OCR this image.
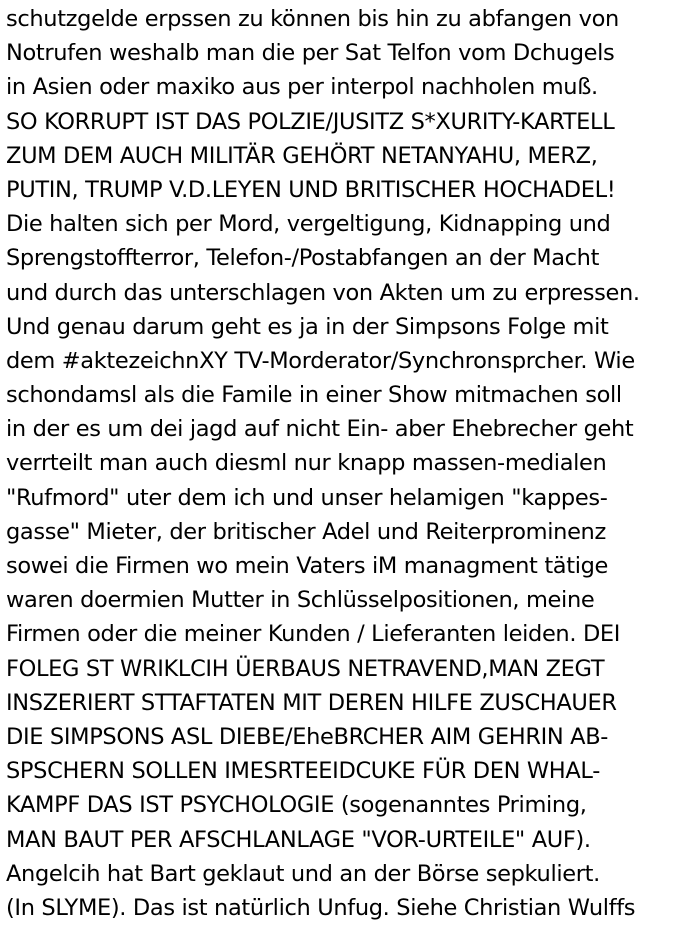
schutzgelde erpssen zu können bis hin zu abfangen von
Notrufen weshalb man die per Sat Telfon vom Dchugels
in Asien oder maxiko aus per interpol nachholen muß.
SO KORRUPT IST DAS POLZIE/JUSITZ S*XURITY-KARTELL
ZUM DEM AUCH MILITÄR GEHÖRT NETANYAHU, MERZ,
PUTIN, TRUMP V.D.LEYEN UND BRITISCHER HOCHADEL!
Die halten sich per Mord, vergeltigung, Kidnapping und
Sprengstoffterror, Telefon-/Postabfangen an der Macht
und durch das unterschlagen von Akten um zu erpressen.
Und genau darum geht es ja in der Simpsons Folge mit
dem #aktezeichnXY TV-Morderator/Synchronsprcher. Wie
schondamsl als die Famile in einer Show mitmachen soll
in der es um dei jagd auf nicht Ein- aber Ehebrecher geht
verrteilt man auch diesml nur knapp massen-medialen
"Rufmord" uter dem ich und unser helamigen "kappes-
gasse" Mieter, der britischer Adel und Reiterprominenz
sowei die Firmen wo mein Vaters iM managment tätige
waren doermien Mutter in Schlüsselpositionen, meine
Firmen oder die meiner Kunden / Lieferanten leiden. DEI
FOLEG ST WRIKLCIH ÜERBAUS NETRAVEND,MAN ZEGT
INSZERIERT STTAFTATEN MIT DEREN HILFE ZUSCHAUER
DIE SIMPSONS ASL DIEBE/EheBRCHER AIM GEHRIN AB-
SPSCHERN SOLLEN IMESRTEEIDCUKE FÜR DEN WHAL-
KAMPF DAS IST PSYCHOLOGIE (sogenanntes Priming,
MAN BAUT PER AFSCHLANLAGE "VOR-URTEILE" AUF).
Angelcih hat Bart geklaut und an der Börse sepkuliert.
(In SLYME). Das ist natürlich Unfug. Siehe Christian Wulffs
